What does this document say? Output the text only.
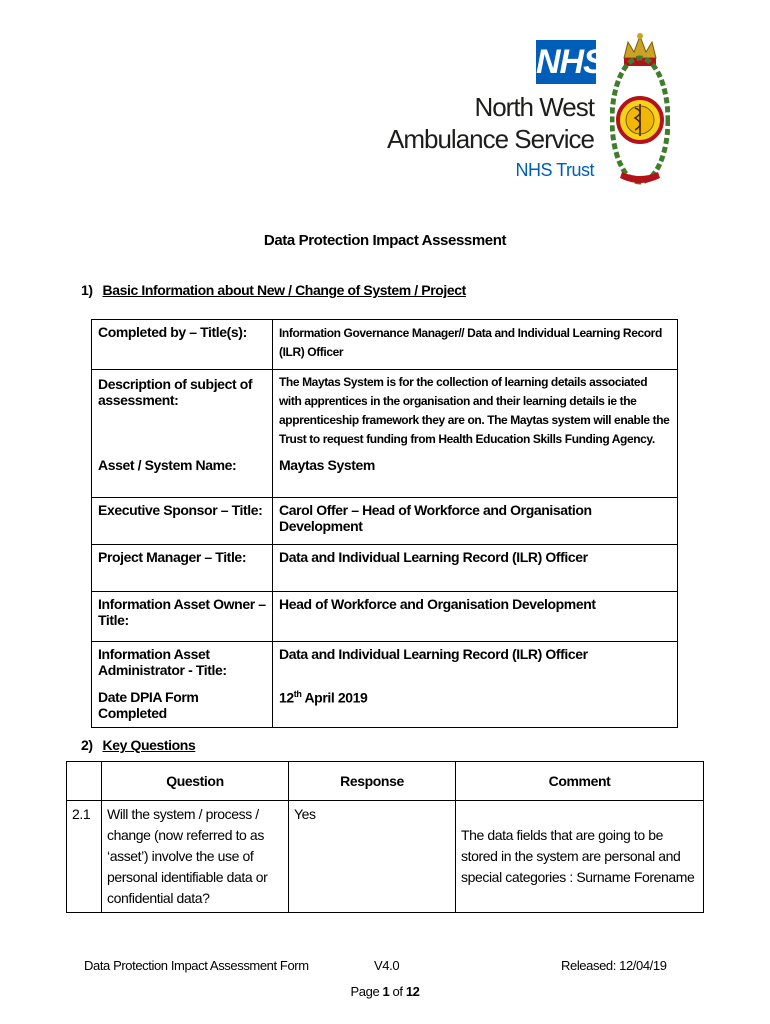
NHS
North West
Ambulance Service
NHS Trust
Data Protection Impact Assessment
1) Basic Information about New / Change of System / Project
Completed by – Title(s):	Information Governance Manager// Data and Individual Learning Record (ILR) Officer
Description of subject of assessment:	The Maytas System is for the collection of learning details associated with apprentices in the organisation and their learning details ie the apprenticeship framework they are on. The Maytas system will enable the Trust to request funding from Health Education Skills Funding Agency.
Asset / System Name:	Maytas System
Executive Sponsor – Title:	Carol Offer – Head of Workforce and Organisation Development
Project Manager – Title:	Data and Individual Learning Record (ILR) Officer
Information Asset Owner – Title:	Head of Workforce and Organisation Development
Information Asset Administrator - Title:	Data and Individual Learning Record (ILR) Officer
Date DPIA Form Completed	12th April 2019
2) Key Questions
	Question	Response	Comment
2.1	Will the system / process / change (now referred to as ‘asset’) involve the use of personal identifiable data or confidential data?	Yes	The data fields that are going to be stored in the system are personal and special categories : Surname Forename
Data Protection Impact Assessment Form	V4.0	Released: 12/04/19
Page 1 of 12
